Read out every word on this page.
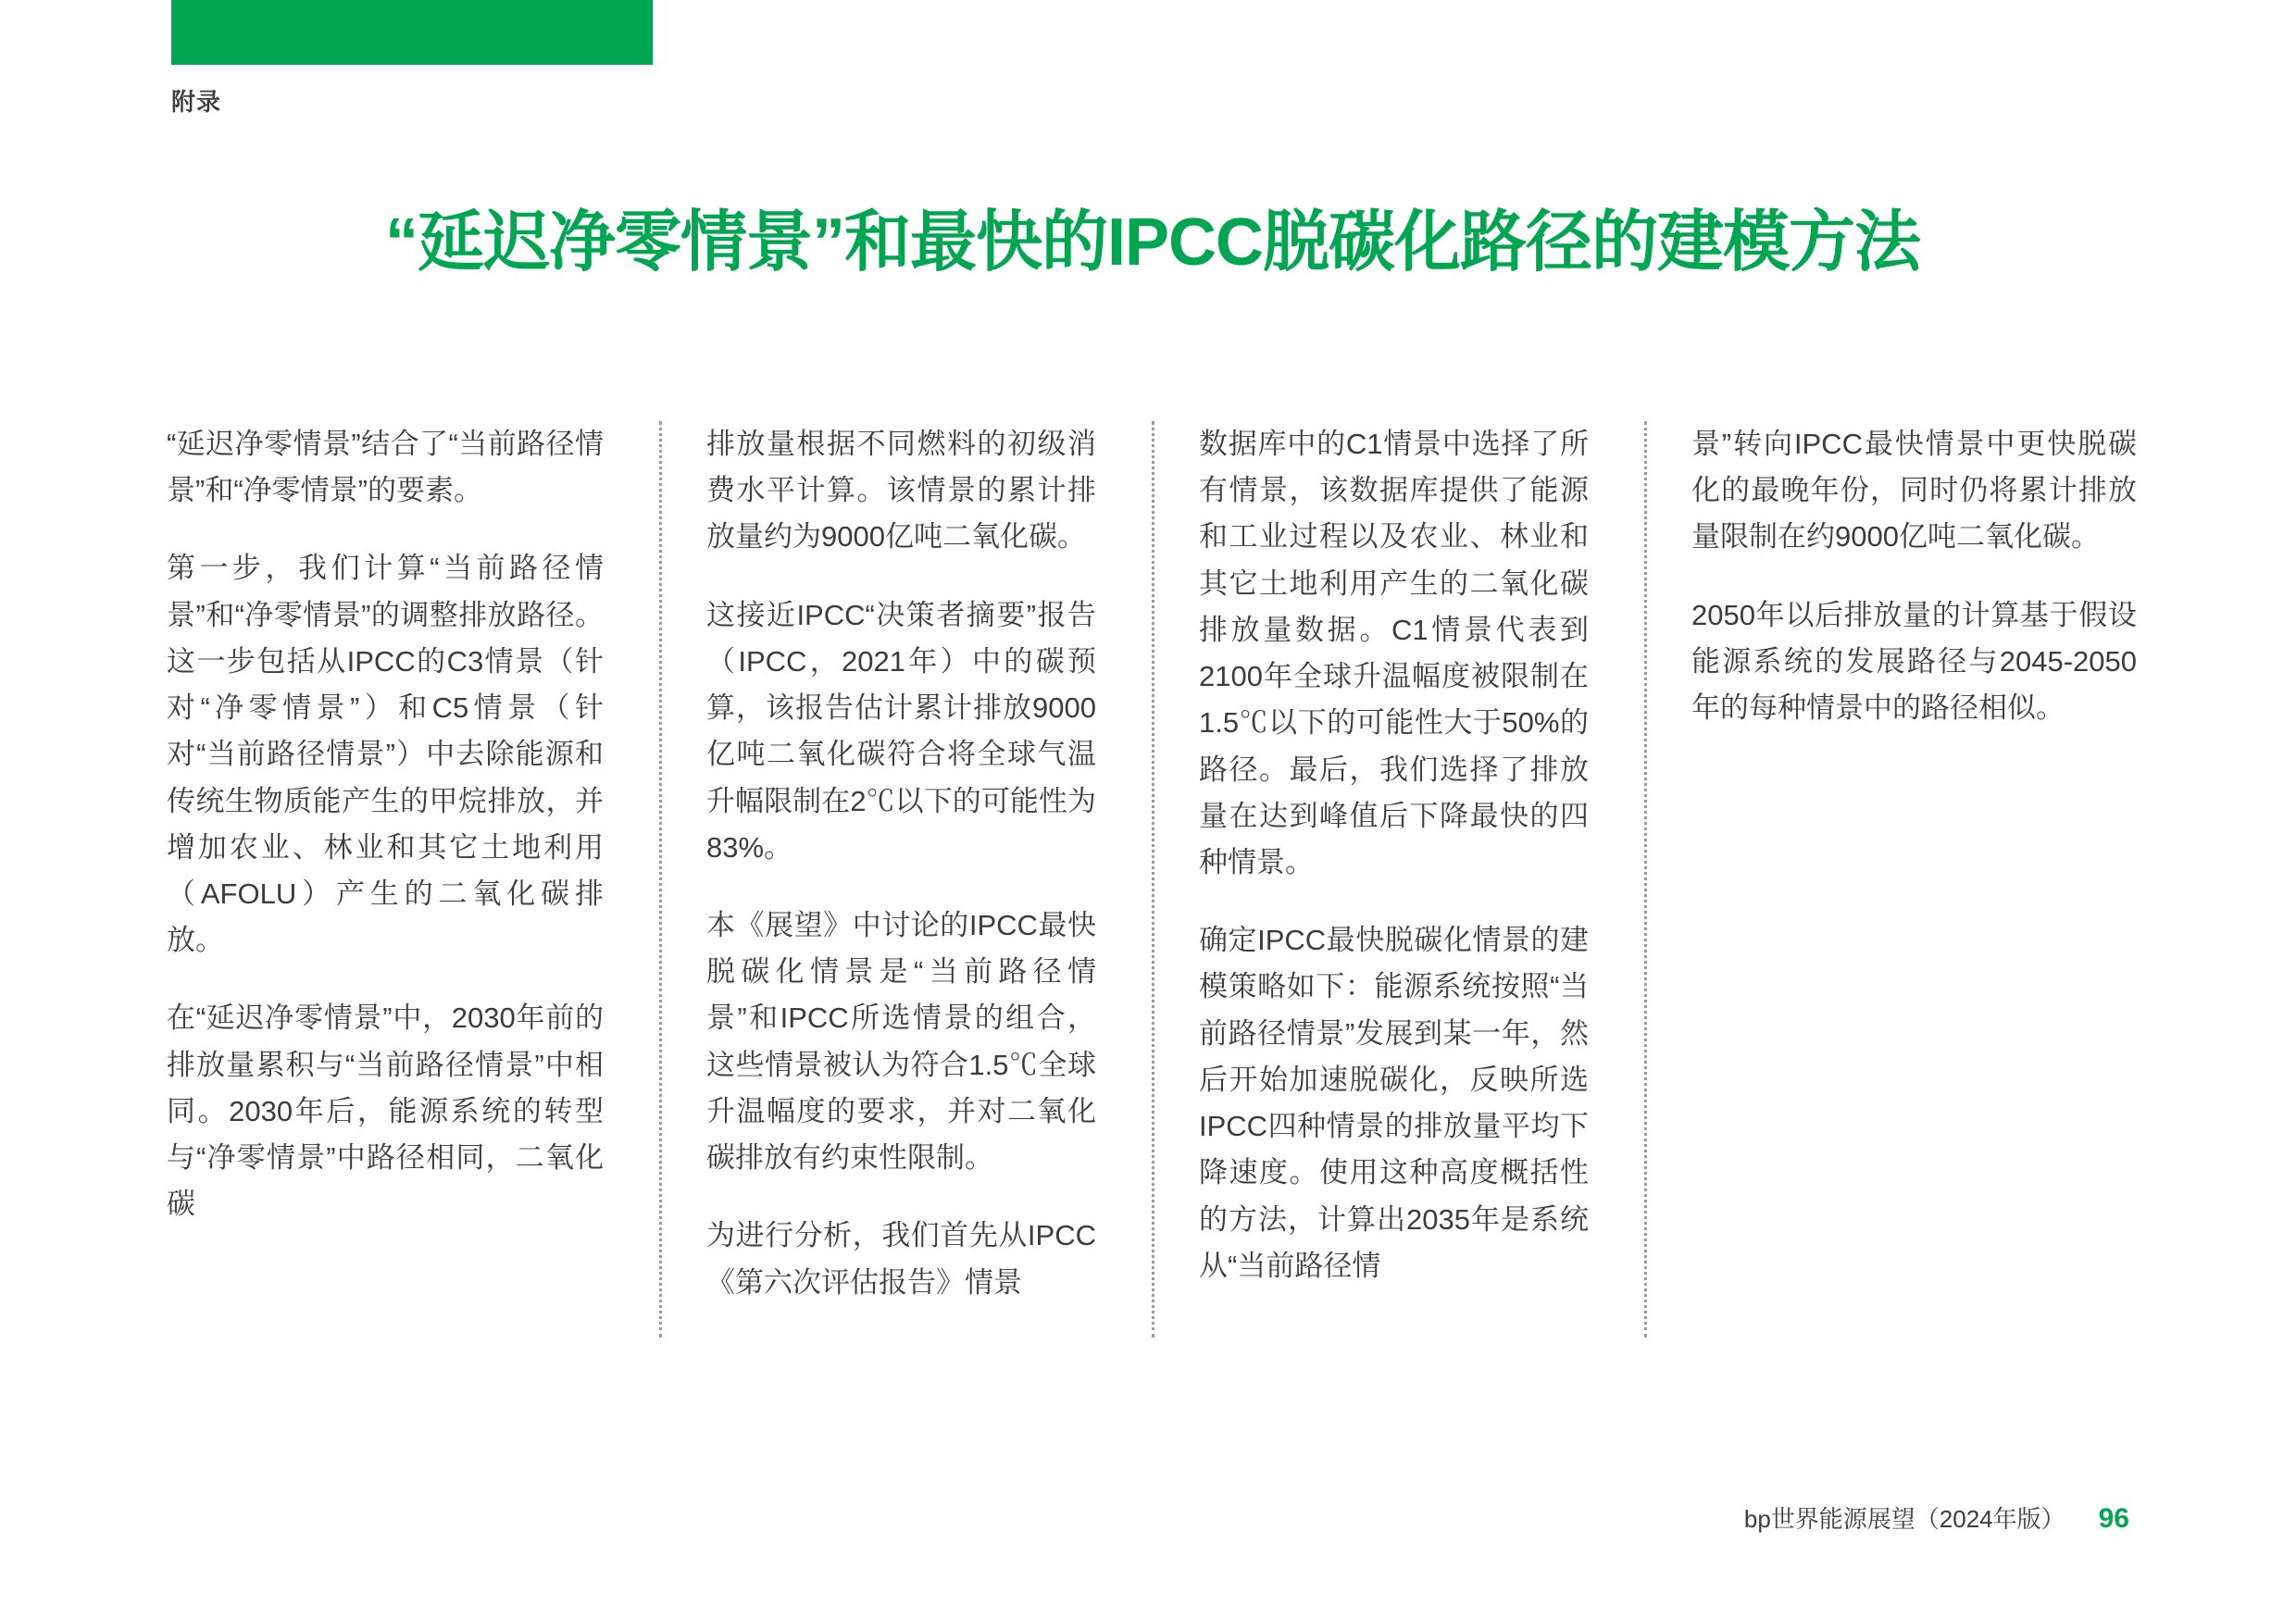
附录
“延迟净零情景”和最快的IPCC脱碳化路径的建模方法

“延迟净零情景”结合了“当前路径情景”和“净零情景”的要素。

第一步，我们计算“当前路径情景”和“净零情景”的调整排放路径。这一步包括从IPCC的C3情景（针对“净零情景”）和C5情景（针对“当前路径情景”）中去除能源和传统生物质能产生的甲烷排放，并增加农业、林业和其它土地利用（AFOLU）产生的二氧化碳排放。

在“延迟净零情景”中，2030年前的排放量累积与“当前路径情景”中相同。2030年后，能源系统的转型与“净零情景”中路径相同，二氧化碳

排放量根据不同燃料的初级消费水平计算。该情景的累计排放量约为9000亿吨二氧化碳。

这接近IPCC“决策者摘要”报告（IPCC，2021年）中的碳预算，该报告估计累计排放9000亿吨二氧化碳符合将全球气温升幅限制在2℃以下的可能性为83%。

本《展望》中讨论的IPCC最快脱碳化情景是“当前路径情景”和IPCC所选情景的组合，这些情景被认为符合1.5℃全球升温幅度的要求，并对二氧化碳排放有约束性限制。

为进行分析，我们首先从IPCC《第六次评估报告》情景

数据库中的C1情景中选择了所有情景，该数据库提供了能源和工业过程以及农业、林业和其它土地利用产生的二氧化碳排放量数据。C1情景代表到2100年全球升温幅度被限制在1.5℃以下的可能性大于50%的路径。最后，我们选择了排放量在达到峰值后下降最快的四种情景。

确定IPCC最快脱碳化情景的建模策略如下：能源系统按照“当前路径情景”发展到某一年，然后开始加速脱碳化，反映所选IPCC四种情景的排放量平均下降速度。使用这种高度概括性的方法，计算出2035年是系统从“当前路径情

景”转向IPCC最快情景中更快脱碳化的最晚年份，同时仍将累计排放量限制在约9000亿吨二氧化碳。

2050年以后排放量的计算基于假设能源系统的发展路径与2045-2050年的每种情景中的路径相似。

bp世界能源展望（2024年版） 96
